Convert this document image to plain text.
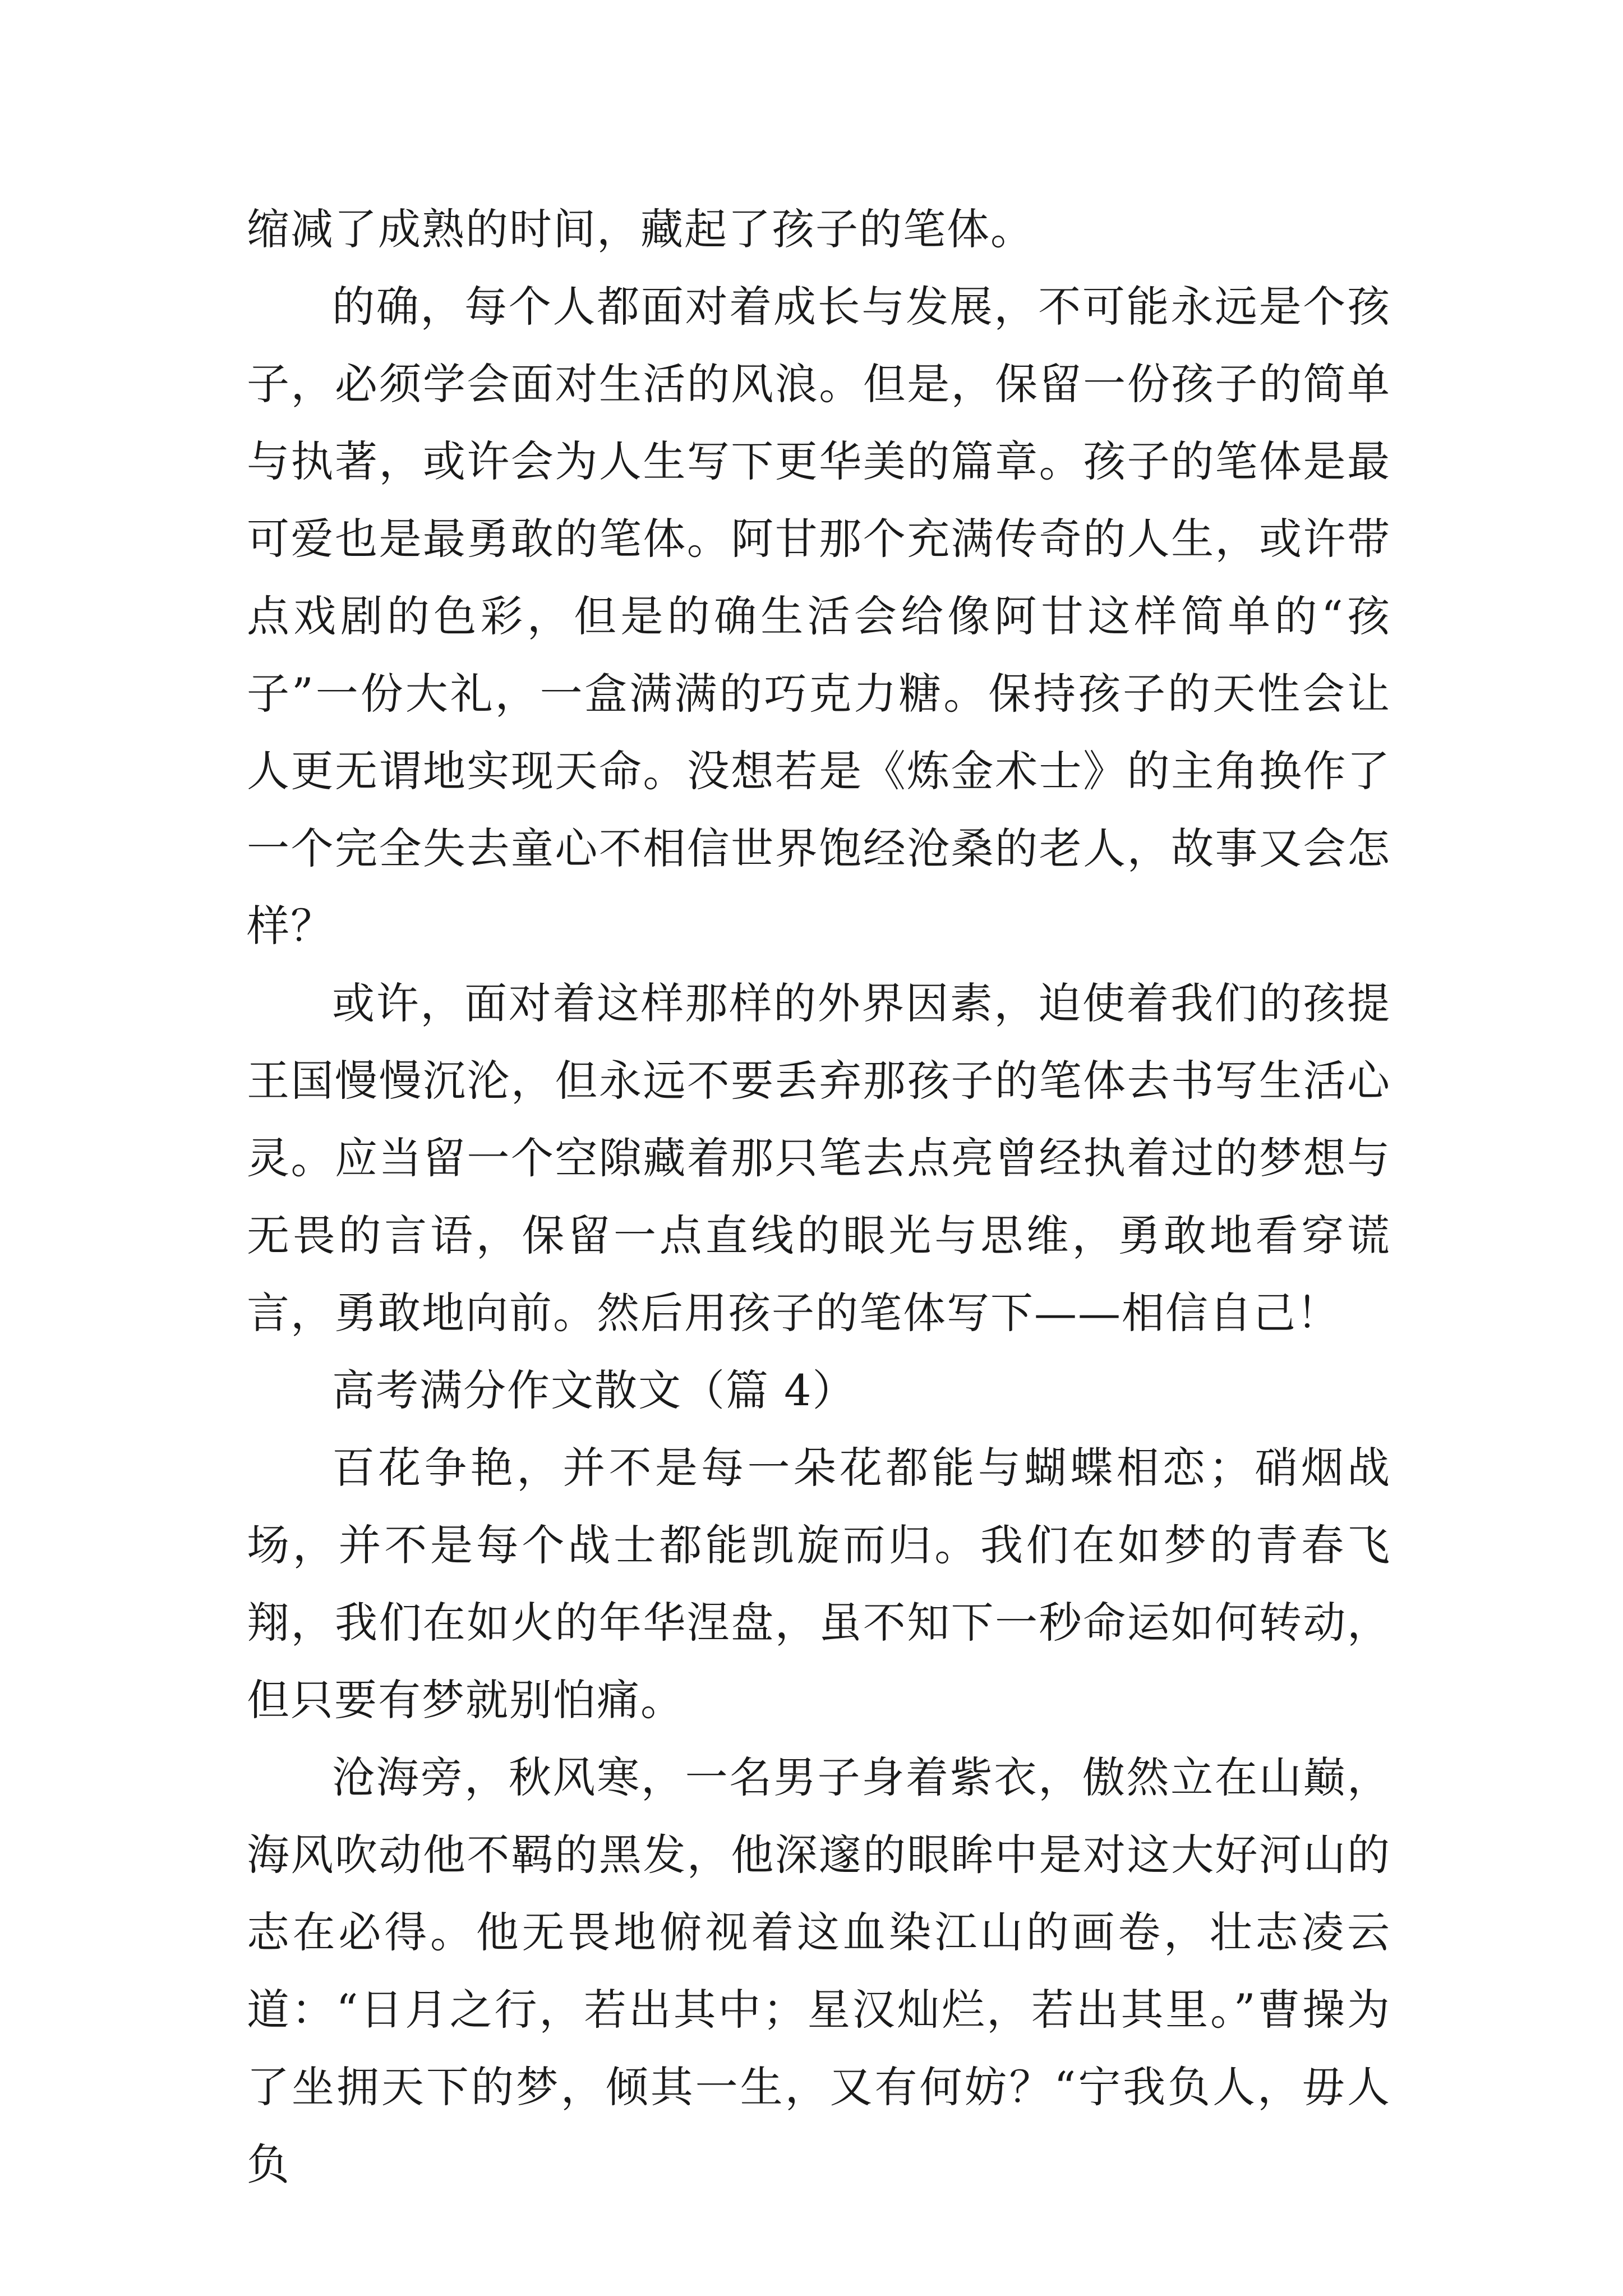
缩减了成熟的时间，藏起了孩子的笔体。

的确，每个人都面对着成长与发展，不可能永远是个孩子，必须学会面对生活的风浪。但是，保留一份孩子的简单与执著，或许会为人生写下更华美的篇章。孩子的笔体是最可爱也是最勇敢的笔体。阿甘那个充满传奇的人生，或许带点戏剧的色彩，但是的确生活会给像阿甘这样简单的“孩子”一份大礼，一盒满满的巧克力糖。保持孩子的天性会让人更无谓地实现天命。没想若是《炼金术士》的主角换作了一个完全失去童心不相信世界饱经沧桑的老人，故事又会怎样？

或许，面对着这样那样的外界因素，迫使着我们的孩提王国慢慢沉沦，但永远不要丢弃那孩子的笔体去书写生活心灵。应当留一个空隙藏着那只笔去点亮曾经执着过的梦想与无畏的言语，保留一点直线的眼光与思维，勇敢地看穿谎言，勇敢地向前。然后用孩子的笔体写下——相信自己！

高考满分作文散文（篇 4）

百花争艳，并不是每一朵花都能与蝴蝶相恋；硝烟战场，并不是每个战士都能凯旋而归。我们在如梦的青春飞翔，我们在如火的年华涅盘，虽不知下一秒命运如何转动，但只要有梦就别怕痛。

沧海旁，秋风寒，一名男子身着紫衣，傲然立在山巅，海风吹动他不羁的黑发，他深邃的眼眸中是对这大好河山的志在必得。他无畏地俯视着这血染江山的画卷，壮志凌云道：“日月之行，若出其中；星汉灿烂，若出其里。”曹操为了坐拥天下的梦，倾其一生，又有何妨？“宁我负人，毋人负
